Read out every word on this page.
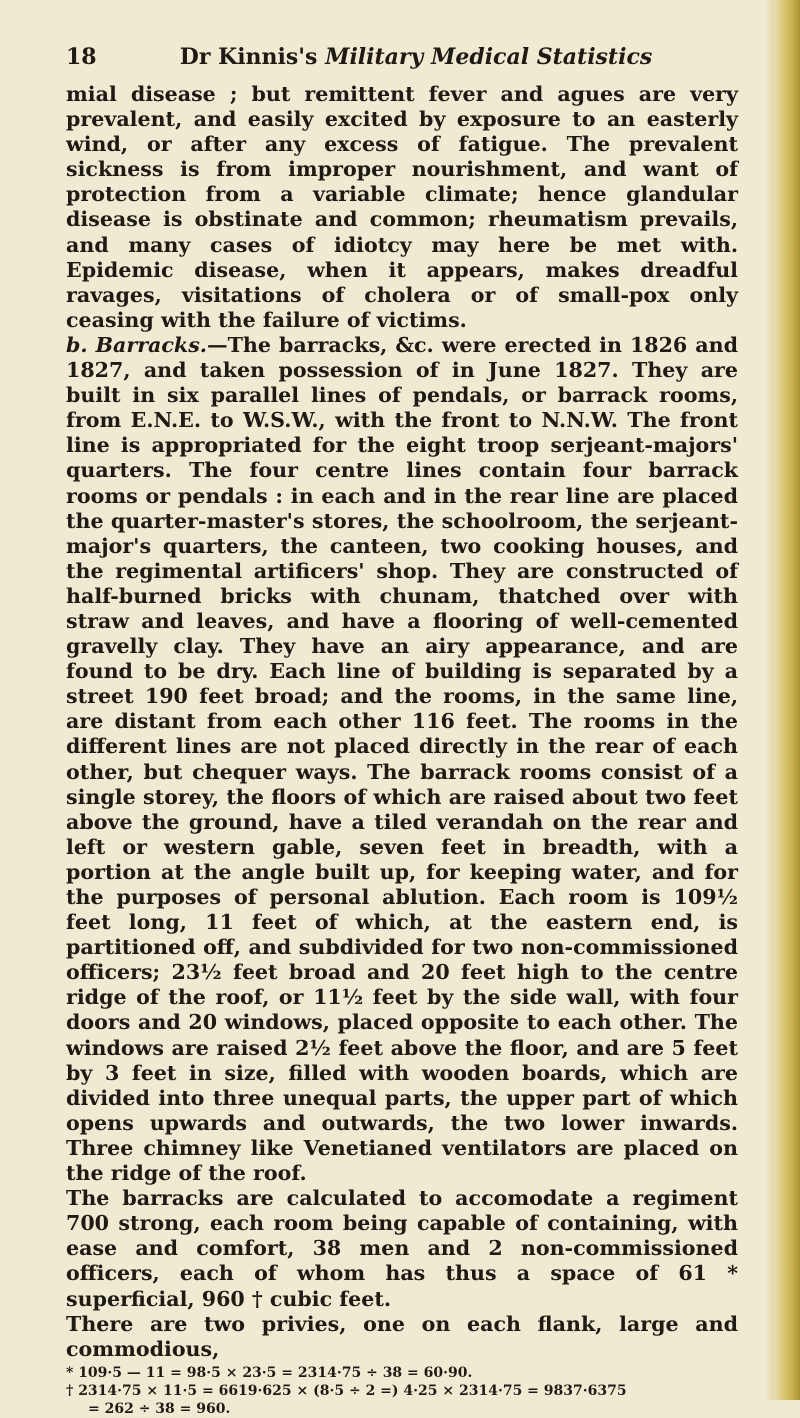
18	Dr Kinnis's Military Medical Statistics

mial disease ; but remittent fever and agues are very prevalent, and easily excited by exposure to an easterly wind, or after any excess of fatigue. The prevalent sickness is from improper nourishment, and want of protection from a variable climate; hence glandular disease is obstinate and common; rheumatism prevails, and many cases of idiotcy may here be met with. Epidemic disease, when it appears, makes dreadful ravages, visitations of cholera or of small-pox only ceasing with the failure of victims.

b. Barracks.—The barracks, &c. were erected in 1826 and 1827, and taken possession of in June 1827. They are built in six parallel lines of pendals, or barrack rooms, from E.N.E. to W.S.W., with the front to N.N.W. The front line is appropriated for the eight troop serjeant-majors' quarters. The four centre lines contain four barrack rooms or pendals : in each and in the rear line are placed the quarter-master's stores, the schoolroom, the serjeant-major's quarters, the canteen, two cooking houses, and the regimental artificers' shop. They are constructed of half-burned bricks with chunam, thatched over with straw and leaves, and have a flooring of well-cemented gravelly clay. They have an airy appearance, and are found to be dry. Each line of building is separated by a street 190 feet broad; and the rooms, in the same line, are distant from each other 116 feet. The rooms in the different lines are not placed directly in the rear of each other, but chequer ways. The barrack rooms consist of a single storey, the floors of which are raised about two feet above the ground, have a tiled verandah on the rear and left or western gable, seven feet in breadth, with a portion at the angle built up, for keeping water, and for the purposes of personal ablution. Each room is 109½ feet long, 11 feet of which, at the eastern end, is partitioned off, and subdivided for two non-commissioned officers; 23½ feet broad and 20 feet high to the centre ridge of the roof, or 11½ feet by the side wall, with four doors and 20 windows, placed opposite to each other. The windows are raised 2½ feet above the floor, and are 5 feet by 3 feet in size, filled with wooden boards, which are divided into three unequal parts, the upper part of which opens upwards and outwards, the two lower inwards. Three chimney like Venetianed ventilators are placed on the ridge of the roof.

The barracks are calculated to accomodate a regiment 700 strong, each room being capable of containing, with ease and comfort, 38 men and 2 non-commissioned officers, each of whom has thus a space of 61 * superficial, 960 † cubic feet.

There are two privies, one on each flank, large and commodious,

* 109·5 — 11 = 98·5 × 23·5 = 2314·75 ÷ 38 = 60·90.
† 2314·75 × 11·5 = 6619·625 × (8·5 ÷ 2 =) 4·25 × 2314·75 = 9837·6375
= 262 ÷ 38 = 960.
